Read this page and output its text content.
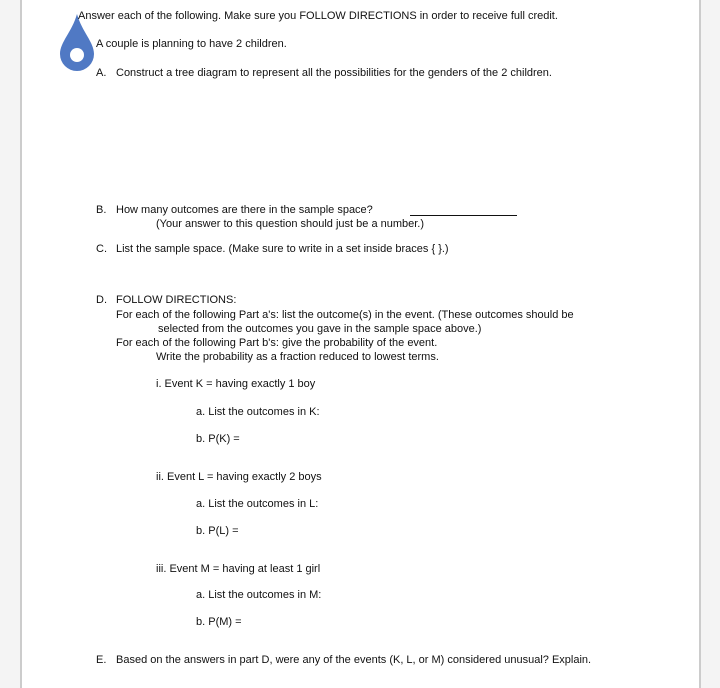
Answer each of the following. Make sure you FOLLOW DIRECTIONS in order to receive full credit.
A couple is planning to have 2 children.
A. Construct a tree diagram to represent all the possibilities for the genders of the 2 children.
B. How many outcomes are there in the sample space?
(Your answer to this question should just be a number.)
C. List the sample space. (Make sure to write in a set inside braces { }.)
D. FOLLOW DIRECTIONS:
For each of the following Part a's: list the outcome(s) in the event. (These outcomes should be
selected from the outcomes you gave in the sample space above.)
For each of the following Part b's: give the probability of the event.
Write the probability as a fraction reduced to lowest terms.
i. Event K = having exactly 1 boy
a. List the outcomes in K:
b. P(K) =
ii. Event L = having exactly 2 boys
a. List the outcomes in L:
b. P(L) =
iii. Event M = having at least 1 girl
a. List the outcomes in M:
b. P(M) =
E. Based on the answers in part D, were any of the events (K, L, or M) considered unusual? Explain.
